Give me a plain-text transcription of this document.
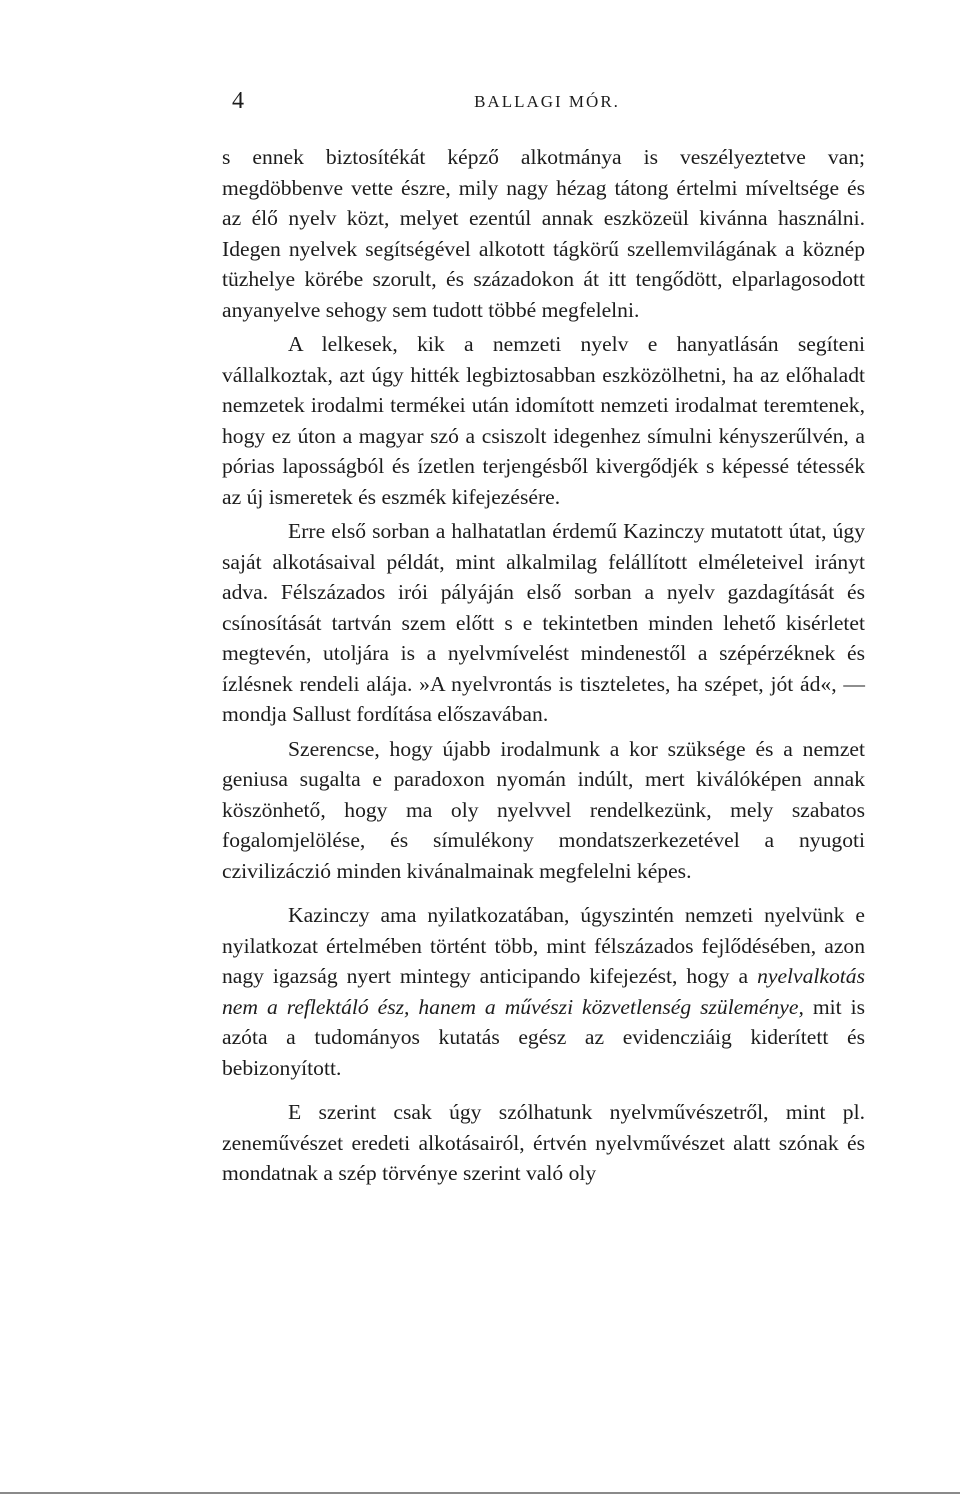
4	BALLAGI MÓR.

s ennek biztosítékát képző alkotmánya is veszélyeztetve van; megdöbbenve vette észre, mily nagy hézag tátong értelmi míveltsége és az élő nyelv közt, melyet ezentúl annak eszközeül kivánna használni. Idegen nyelvek segítségével alkotott tágkörű szellemvilágának a köznép tüzhelye körébe szorult, és századokon át itt tengődött, elparlagosodott anyanyelve sehogy sem tudott többé megfelelni.

A lelkesek, kik a nemzeti nyelv e hanyatlásán segíteni vállalkoztak, azt úgy hitték legbiztosabban eszközölhetni, ha az előhaladt nemzetek irodalmi termékei után idomított nemzeti irodalmat teremtenek, hogy ez úton a magyar szó a csiszolt idegenhez símulni kényszerűlvén, a pórias laposságból és ízetlen terjengésből kivergődjék s képessé tétessék az új ismeretek és eszmék kifejezésére.

Erre első sorban a halhatatlan érdemű Kazinczy mutatott útat, úgy saját alkotásaival példát, mint alkalmilag felállított elméleteivel irányt adva. Félszázados irói pályáján első sorban a nyelv gazdagítását és csínosítását tartván szem előtt s e tekintetben minden lehető kisérletet megtevén, utoljára is a nyelvmívelést mindenestől a szépérzéknek és ízlésnek rendeli alája. »A nyelvrontás is tiszteletes, ha szépet, jót ád«, — mondja Sallust fordítása előszavában.

Szerencse, hogy újabb irodalmunk a kor szüksége és a nemzet geniusa sugalta e paradoxon nyomán indúlt, mert kiválóképen annak köszönhető, hogy ma oly nyelvvel rendelkezünk, mely szabatos fogalomjelölése, és símulékony mondatszerkezetével a nyugoti czivilizáczió minden kivánalmainak megfelelni képes.

Kazinczy ama nyilatkozatában, úgyszintén nemzeti nyelvünk e nyilatkozat értelmében történt több, mint félszázados fejlődésében, azon nagy igazság nyert mintegy anticipando kifejezést, hogy a nyelvalkotás nem a reflektáló ész, hanem a művészi közvetlenség szüleménye, mit is azóta a tudományos kutatás egész az evidencziáig kiderített és bebizonyított.

E szerint csak úgy szólhatunk nyelvművészetről, mint pl. zeneművészet eredeti alkotásairól, értvén nyelvművészet alatt szónak és mondatnak a szép törvénye szerint való oly
